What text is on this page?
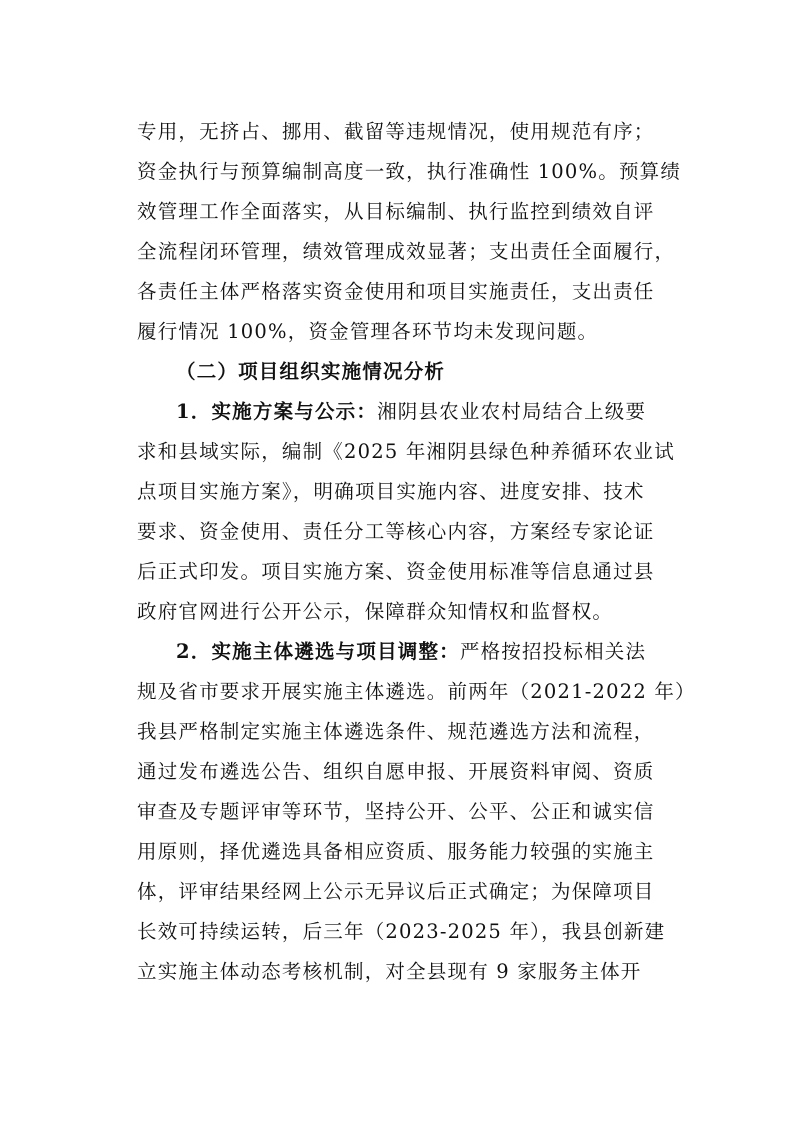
专用，无挤占、挪用、截留等违规情况，使用规范有序；
资金执行与预算编制高度一致，执行准确性 100%。预算绩
效管理工作全面落实，从目标编制、执行监控到绩效自评
全流程闭环管理，绩效管理成效显著；支出责任全面履行，
各责任主体严格落实资金使用和项目实施责任，支出责任
履行情况 100%，资金管理各环节均未发现问题。
（二）项目组织实施情况分析
1．实施方案与公示：湘阴县农业农村局结合上级要
求和县域实际，编制《2025 年湘阴县绿色种养循环农业试
点项目实施方案》，明确项目实施内容、进度安排、技术
要求、资金使用、责任分工等核心内容，方案经专家论证
后正式印发。项目实施方案、资金使用标准等信息通过县
政府官网进行公开公示，保障群众知情权和监督权。
2．实施主体遴选与项目调整：严格按招投标相关法
规及省市要求开展实施主体遴选。前两年（2021-2022 年）
我县严格制定实施主体遴选条件、规范遴选方法和流程，
通过发布遴选公告、组织自愿申报、开展资料审阅、资质
审查及专题评审等环节，坚持公开、公平、公正和诚实信
用原则，择优遴选具备相应资质、服务能力较强的实施主
体，评审结果经网上公示无异议后正式确定；为保障项目
长效可持续运转，后三年（2023-2025 年），我县创新建
立实施主体动态考核机制，对全县现有 9 家服务主体开
